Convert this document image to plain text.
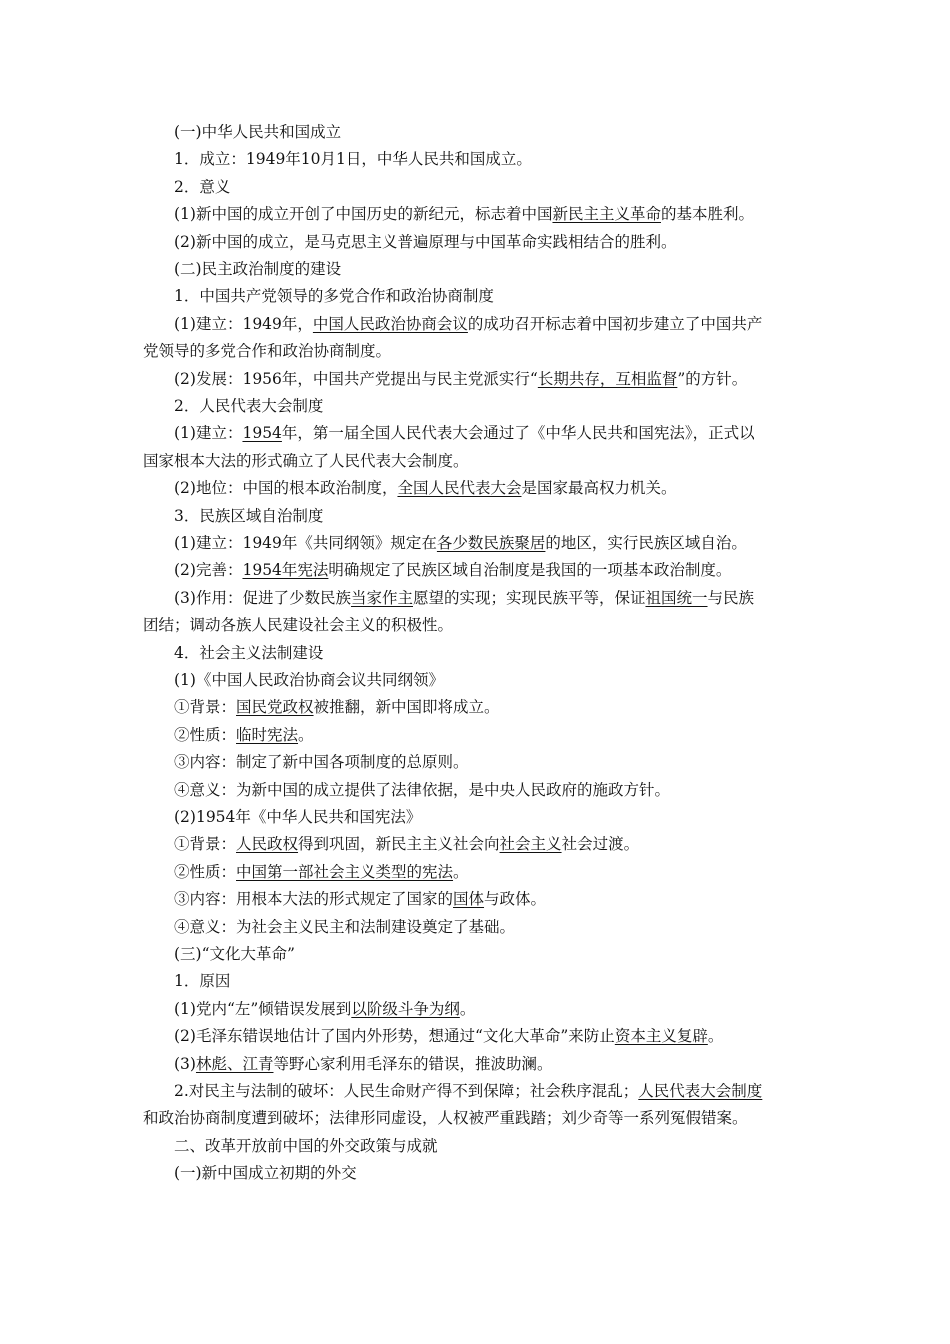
(一)中华人民共和国成立
1．成立：1949年10月1日，中华人民共和国成立。
2．意义
(1)新中国的成立开创了中国历史的新纪元，标志着中国新民主主义革命的基本胜利。
(2)新中国的成立，是马克思主义普遍原理与中国革命实践相结合的胜利。
(二)民主政治制度的建设
1．中国共产党领导的多党合作和政治协商制度
(1)建立：1949年，中国人民政治协商会议的成功召开标志着中国初步建立了中国共产
党领导的多党合作和政治协商制度。
(2)发展：1956年，中国共产党提出与民主党派实行“长期共存，互相监督”的方针。
2．人民代表大会制度
(1)建立：1954年，第一届全国人民代表大会通过了《中华人民共和国宪法》，正式以
国家根本大法的形式确立了人民代表大会制度。
(2)地位：中国的根本政治制度，全国人民代表大会是国家最高权力机关。
3．民族区域自治制度
(1)建立：1949年《共同纲领》规定在各少数民族聚居的地区，实行民族区域自治。
(2)完善：1954年宪法明确规定了民族区域自治制度是我国的一项基本政治制度。
(3)作用：促进了少数民族当家作主愿望的实现；实现民族平等，保证祖国统一与民族
团结；调动各族人民建设社会主义的积极性。
4．社会主义法制建设
(1)《中国人民政治协商会议共同纲领》
①背景：国民党政权被推翻，新中国即将成立。
②性质：临时宪法。
③内容：制定了新中国各项制度的总原则。
④意义：为新中国的成立提供了法律依据，是中央人民政府的施政方针。
(2)1954年《中华人民共和国宪法》
①背景：人民政权得到巩固，新民主主义社会向社会主义社会过渡。
②性质：中国第一部社会主义类型的宪法。
③内容：用根本大法的形式规定了国家的国体与政体。
④意义：为社会主义民主和法制建设奠定了基础。
(三)“文化大革命”
1．原因
(1)党内“左”倾错误发展到以阶级斗争为纲。
(2)毛泽东错误地估计了国内外形势，想通过“文化大革命”来防止资本主义复辟。
(3)林彪、江青等野心家利用毛泽东的错误，推波助澜。
2.对民主与法制的破坏：人民生命财产得不到保障；社会秩序混乱；人民代表大会制度
和政治协商制度遭到破坏；法律形同虚设，人权被严重践踏；刘少奇等一系列冤假错案。
二、改革开放前中国的外交政策与成就
(一)新中国成立初期的外交
